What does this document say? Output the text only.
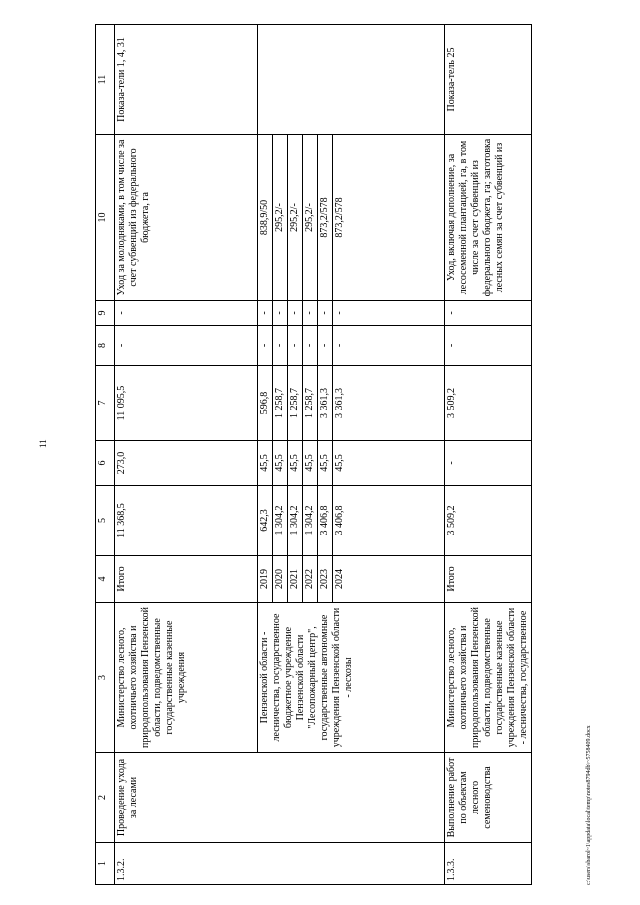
11
1	2	3	4	5	6	7	8	9	10	11
1.3.2.	Проведение ухода за лесами	Министерство лесного, охотничьего хозяйства и природопользования Пензенской области, подведомственные государственные казенные учреждения	Итого	11 368,5	273,0	11 095,5	-	-	Уход за молодняками, в том числе за счет субвенций из федерального бюджета, га	Показа-тели 1, 4, 31
		Пензенской области - лесничества, государственное бюджетное учреждение Пензенской области "Лесопожарный центр", государственные автономные учреждения Пензенской области - лесхозы	2019	642,3	45,5	596,8	-	-	838,9/50	
			2020	1 304,2	45,5	1 258,7	-	-	295,2/-	
			2021	1 304,2	45,5	1 258,7	-	-	295,2/-	
			2022	1 304,2	45,5	1 258,7	-	-	295,2/-	
			2023	3 406,8	45,5	3 361,3	-	-	873,2/578	
			2024	3 406,8	45,5	3 361,3	-	-	873,2/578	
1.3.3.	Выполнение работ по объектам лесного семеноводства	Министерство лесного, охотничьего хозяйства и природопользования Пензенской области, подведомственные государственные казенные учреждения Пензенской области - лесничества, государственное	Итого	3 509,2	-	3 509,2	-	-	Уход, включая дополнение, за лесосеменной плантацией, га, в том числе за счет субвенций из федерального бюджета, га; заготовка лесных семян за счет субвенций из	Показа-тель 25
c:\users\sbarol~1\appdata\local\temp\notes8794db\~5758409.docx
